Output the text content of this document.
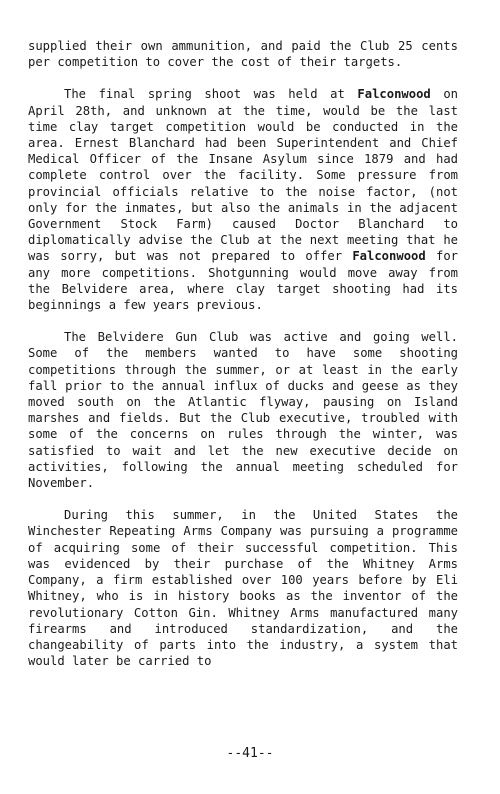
supplied their own ammunition, and paid the Club 25 cents per competition to cover the cost of their targets.

The final spring shoot was held at Falconwood on April 28th, and unknown at the time, would be the last time clay target competition would be conducted in the area. Ernest Blanchard had been Superintendent and Chief Medical Officer of the Insane Asylum since 1879 and had complete control over the facility. Some pressure from provincial officials relative to the noise factor, (not only for the inmates, but also the animals in the adjacent Government Stock Farm) caused Doctor Blanchard to diplomatically advise the Club at the next meeting that he was sorry, but was not prepared to offer Falconwood for any more competitions. Shotgunning would move away from the Belvidere area, where clay target shooting had its beginnings a few years previous.

The Belvidere Gun Club was active and going well. Some of the members wanted to have some shooting competitions through the summer, or at least in the early fall prior to the annual influx of ducks and geese as they moved south on the Atlantic flyway, pausing on Island marshes and fields. But the Club executive, troubled with some of the concerns on rules through the winter, was satisfied to wait and let the new executive decide on activities, following the annual meeting scheduled for November.

During this summer, in the United States the Winchester Repeating Arms Company was pursuing a programme of acquiring some of their successful competition. This was evidenced by their purchase of the Whitney Arms Company, a firm established over 100 years before by Eli Whitney, who is in history books as the inventor of the revolutionary Cotton Gin. Whitney Arms manufactured many firearms and introduced standardization, and the changeability of parts into the industry, a system that would later be carried to

--41--
